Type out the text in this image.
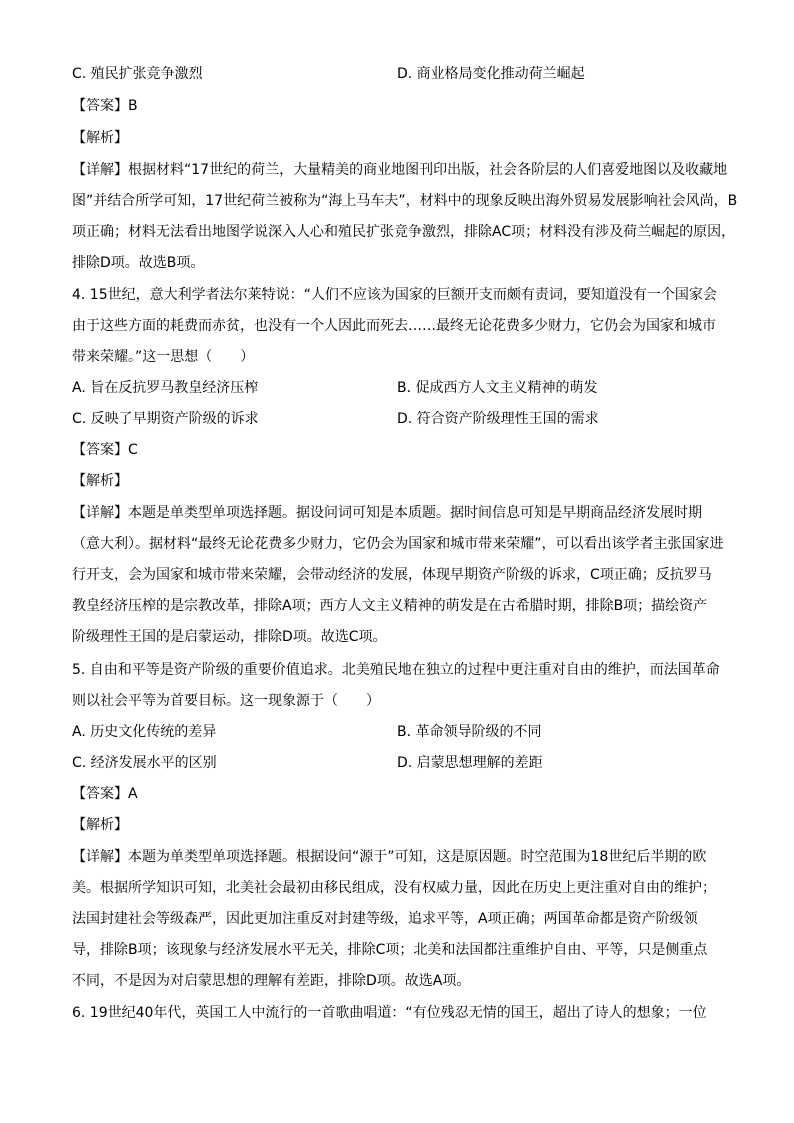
C. 殖民扩张竞争激烈	D. 商业格局变化推动荷兰崛起
【答案】B
【解析】
【详解】根据材料“17世纪的荷兰，大量精美的商业地图刊印出版，社会各阶层的人们喜爱地图以及收藏地
图”并结合所学可知，17世纪荷兰被称为“海上马车夫”，材料中的现象反映出海外贸易发展影响社会风尚，B
项正确；材料无法看出地图学说深入人心和殖民扩张竞争激烈，排除AC项；材料没有涉及荷兰崛起的原因，
排除D项。故选B项。
4. 15世纪，意大利学者法尔莱特说：“人们不应该为国家的巨额开支而颇有责词，要知道没有一个国家会
由于这些方面的耗费而赤贫，也没有一个人因此而死去……最终无论花费多少财力，它仍会为国家和城市
带来荣耀。”这一思想（　　）
A. 旨在反抗罗马教皇经济压榨	B. 促成西方人文主义精神的萌发
C. 反映了早期资产阶级的诉求	D. 符合资产阶级理性王国的需求
【答案】C
【解析】
【详解】本题是单类型单项选择题。据设问词可知是本质题。据时间信息可知是早期商品经济发展时期
（意大利）。据材料“最终无论花费多少财力，它仍会为国家和城市带来荣耀”，可以看出该学者主张国家进
行开支，会为国家和城市带来荣耀，会带动经济的发展，体现早期资产阶级的诉求，C项正确；反抗罗马
教皇经济压榨的是宗教改革，排除A项；西方人文主义精神的萌发是在古希腊时期，排除B项；描绘资产
阶级理性王国的是启蒙运动，排除D项。故选C项。
5. 自由和平等是资产阶级的重要价值追求。北美殖民地在独立的过程中更注重对自由的维护，而法国革命
则以社会平等为首要目标。这一现象源于（　　）
A. 历史文化传统的差异	B. 革命领导阶级的不同
C. 经济发展水平的区别	D. 启蒙思想理解的差距
【答案】A
【解析】
【详解】本题为单类型单项选择题。根据设问“源于”可知，这是原因题。时空范围为18世纪后半期的欧
美。根据所学知识可知，北美社会最初由移民组成，没有权威力量，因此在历史上更注重对自由的维护；
法国封建社会等级森严，因此更加注重反对封建等级，追求平等，A项正确；两国革命都是资产阶级领
导，排除B项；该现象与经济发展水平无关，排除C项；北美和法国都注重维护自由、平等，只是侧重点
不同，不是因为对启蒙思想的理解有差距，排除D项。故选A项。
6. 19世纪40年代，英国工人中流行的一首歌曲唱道：“有位残忍无情的国王，超出了诗人的想象；一位
